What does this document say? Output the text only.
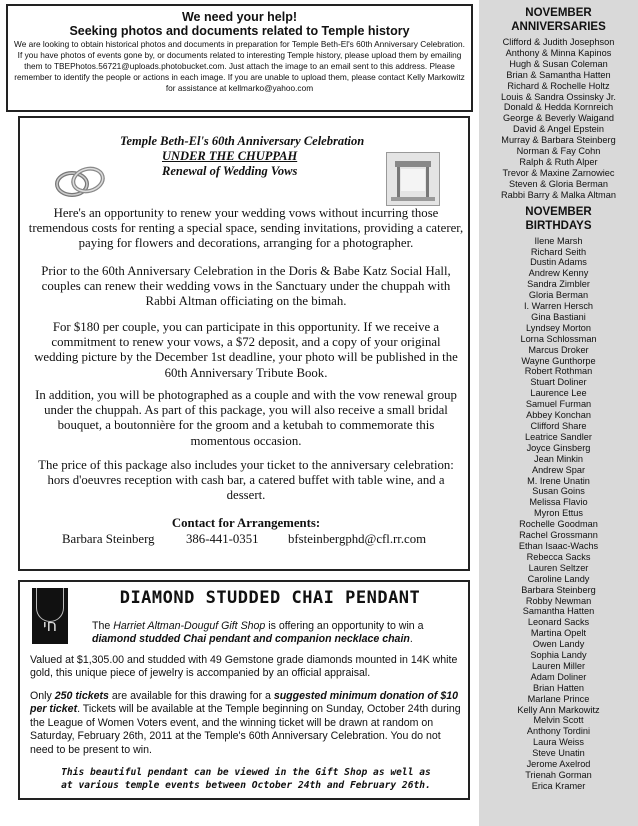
We need your help!
Seeking photos and documents related to Temple history
We are looking to obtain historical photos and documents in preparation for Temple Beth-El's 60th Anniversary Celebration. If you have photos of events gone by, or documents related to interesting Temple history, please upload them by emailing them to TBEPhotos.56721@uploads.photobucket.com. Just attach the image to an email sent to this address. Please remember to identify the people or actions in each image. If you are unable to upload them, please contact Kelly Markowitz for assistance at kellmarko@yahoo.com
Temple Beth-El's 60th Anniversary Celebration
UNDER THE CHUPPAH
Renewal of Wedding Vows

Here's an opportunity to renew your wedding vows without incurring those tremendous costs for renting a special space, sending invitations, providing a caterer, paying for flowers and decorations, arranging for a photographer.

Prior to the 60th Anniversary Celebration in the Doris & Babe Katz Social Hall, couples can renew their wedding vows in the Sanctuary under the chuppah with Rabbi Altman officiating on the bimah.

For $180 per couple, you can participate in this opportunity. If we receive a commitment to renew your vows, a $72 deposit, and a copy of your original wedding picture by the December 1st deadline, your photo will be published in the 60th Anniversary Tribute Book.

In addition, you will be photographed as a couple and with the vow renewal group under the chuppah. As part of this package, you will also receive a small bridal bouquet, a boutonnière for the groom and a ketubah to commemorate this momentous occasion.

The price of this package also includes your ticket to the anniversary celebration: hors d'oeuvres reception with cash bar, a catered buffet with table wine, and a dessert.

Contact for Arrangements:
Barbara Steinberg 386-441-0351 bfsteinbergphd@cfl.rr.com
חי
DIAMOND STUDDED CHAI PENDANT
The Harriet Altman-Douguf Gift Shop is offering an opportunity to win a diamond studded Chai pendant and companion necklace chain.
Valued at $1,305.00 and studded with 49 Gemstone grade diamonds mounted in 14K white gold, this unique piece of jewelry is accompanied by an official appraisal.
Only 250 tickets are available for this drawing for a suggested minimum donation of $10 per ticket. Tickets will be available at the Temple beginning on Sunday, October 24th during the League of Women Voters event, and the winning ticket will be drawn at random on Saturday, February 26th, 2011 at the Temple's 60th Anniversary Celebration. You do not need to be present to win.
This beautiful pendant can be viewed in the Gift Shop as well as
at various temple events between October 24th and February 26th.
NOVEMBER
ANNIVERSARIES
Clifford & Judith Josephson
Anthony & Minna Kapinos
Hugh & Susan Coleman
Brian & Samantha Hatten
Richard & Rochelle Holtz
Louis & Sandra Ossinsky Jr.
Donald & Hedda Kornreich
George & Beverly Waigand
David & Angel Epstein
Murray & Barbara Steinberg
Norman & Fay Cohn
Ralph & Ruth Alper
Trevor & Maxine Zarnowiec
Steven & Gloria Berman
Rabbi Barry & Malka Altman
NOVEMBER
BIRTHDAYS
Ilene Marsh
Richard Seith
Dustin Adams
Andrew Kenny
Sandra Zimbler
Gloria Berman
I. Warren Hersch
Gina Bastiani
Lyndsey Morton
Lorna Schlossman
Marcus Droker
Wayne Gunthorpe
Robert Rothman
Stuart Doliner
Laurence Lee
Samuel Furman
Abbey Konchan
Clifford Share
Leatrice Sandler
Joyce Ginsberg
Jean Minkin
Andrew Spar
M. Irene Unatin
Susan Goins
Melissa Flavio
Myron Ettus
Rochelle Goodman
Rachel Grossmann
Ethan Isaac-Wachs
Rebecca Sacks
Lauren Seltzer
Caroline Landy
Barbara Steinberg
Robby Newman
Samantha Hatten
Leonard Sacks
Martina Opelt
Owen Landy
Sophia Landy
Lauren Miller
Adam Doliner
Brian Hatten
Marlane Prince
Kelly Ann Markowitz
Melvin Scott
Anthony Tordini
Laura Weiss
Steve Unatin
Jerome Axelrod
Trienah Gorman
Erica Kramer
